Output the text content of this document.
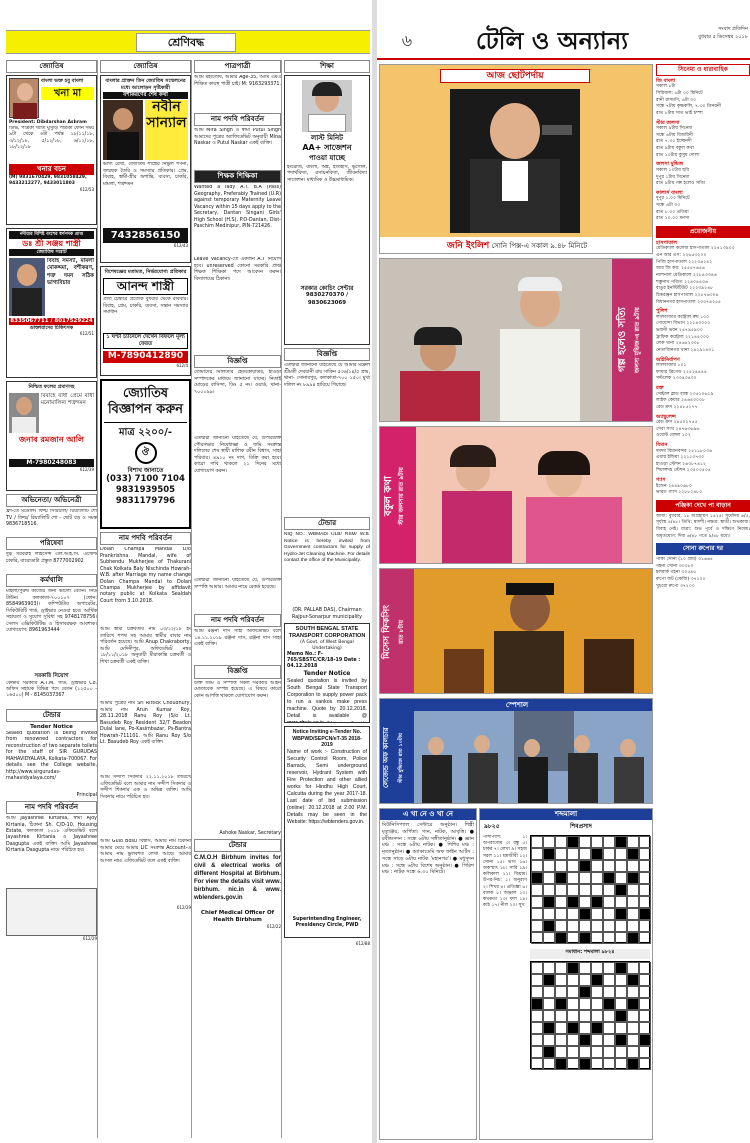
শ্রেণিবদ্ধ
জ্যোতিষ
বাংলা ভক্ত হবু বাংলা
খনা মা
President: Dibdarshan Ashram
টিভি, পত্রিকা খ্যাত ঘুসুড়ি পত্রিকা ফোন সময় ৯টা থেকে ৬টা পর্যন্ত ১৮/১১/১৮, ৩/১২/১৮, ৫/১২/১৮, ৬/১২/১৮, ১৮/১২/১৮
খনার বচন
(M) 9831670429, 9831058429, 9433212277, 9433011803
612/53
নদীয়ার বিশিষ্ট বংশের স্বর্ণপদক প্রাপ্ত
ডঃ শ্রী সঞ্জয় শাস্ত্রী
জ্যোতিষ সম্রাট
বিবাহ সমস্যা, মামলা মোকদ্দমা, বশীকরণ, শত্রু দমন সঠিক ভাগ্যবিচার
8335067711 / 8017529224
ডাক্তারাদের চিকিৎসক
612/51
নিশ্চিত ফলের প্রমাণসহ
বিবাহে বাধা প্রেমে বাধা মনোমালিন্য শত্রুদমন
জনাব রমজান আলি
M-7980248083
612/39
অভিনেতা/ অভিনেত্রী
ফ্রী-তে মডেলিং ফিল্ম সিরিয়াল/ রিয়্যালিটি শো TV / ফিল্ম/ রিয়্যালিটি শো - ছোট বড় ও সমস্ত 9836718516.
পরিষেবা
দুগ্ধ সরবরাহ লাইসেন্স এল.আই.সি. এজেন্ট চাকরি, বায়োডাটা প্রস্তুত 8777002902
কর্মখালি
মহিলা/পুরুষ কাজের জন্য ভালো বেতন। নিউ টাউন। কলকাতা-৭০০১০৭ (ফোন: 8584963903)। কম্পিউটার অপারেটর, সিকিউরিটি গার্ড, ড্রাইভার নেওয়া হবে। আর্থিক সহায়তা ও সুযোগ সুবিধা সহ 9748178756। সেলস এক্সিকিউটিভ ও হিসাবরক্ষক আবশ্যক। যোগাযোগ: 8961963444
সরকারি নিয়োগ
কেন্দ্রীয় সরকারি A.T.M. গার্ড, ড্রাইভার Co. অফিস সহায়ক বিভিন্ন পদে বেতন (১২৫০০ - ১৬৫০০) M - 8145037367
টেন্ডার
Tender Notice
Sealed quotation is being invited from renowned contractors for reconstruction of two separate toilets for the staff of SIR GURUDAS MAHAVIDYALAYA, Kolkata-700067. For details see the College website, http://www.sirgurudas-mahavidyalaya.com/
Principal
নাম পদবি পরিবর্তন
আমি Jayashree Kirtania, স্বামী Ajoy Kirtania, ঠিকানা Sh. C/D-10, Housing Estate, কলকাতা ২০১৮ এফিডেভিট বলে Jayashree Kirtania ও Jayashree Dasgupta একই ব্যক্তি। আমি Jayashree Kirtania Dasgupta নামে পরিচিত হব।
612/29
জ্যোতিষ
বাংলার প্রাক্তন তিন জ্যোতিষ সম্মেলনের মধ্যে আলোড়ন সৃষ্টিকারী
বশীকরণের শেষ কথা
নবীন সান্যাল
ভাগ্য রেখা, জ্যোতিষ শাস্ত্রের নির্ভুল গণনা, জন্মছক তৈরি ও সমস্যার প্রতিকার। প্রেম, বিবাহ, স্বামী-স্ত্রীর অশান্তি, ব্যবসা, চাকরি, মামলা, শত্রুদমন
7432856150
612/43
বিশেষজ্ঞের মতামত, নির্ভরযোগ্য প্রতিকার
আনন্দ শাস্ত্রী
প্রতি চেম্বারে প্রত্যেক বুধবার থেকে রবিবার। বিবাহ, প্রেম, চাকরি, ব্যবসা, সন্তান সমস্যার সমাধান
১ ঘণ্টা চ্যানেলে দেখেন বিফলে মূল্য ফেরত
M-7890412890
612/4
জ্যোতিষ বিজ্ঞাপন করুন
মাত্র ২২০০/-
ঔ
বিশাখ জানাতে
(033) 7100 7104
9831939505
9831179796
নাম পদবি পরিবর্তন
Dolan Champa Mandal D/o Prankrishna Mandal, wife of Subhendu Mukherjee of Thakurani Chak Kolkata Baly Nischinda Howrah-W.B. after Marriage my name change Dolan Champa Mandal to Dolan Champa Mukherjee by affidavit notary public at Kolkata Sealdah Court from 3.10.2018.
আমি স্বামী চক্রবর্তীর নাম ০৩/১২/১৮ ইং তারিখে শপথ সহ আমার স্বামীর বাবার নাম পরিবর্তন হয়েছে। আমি Anup Chakraborty, আমি মেদিনীপুর, অফিডেভিট নম্বর ১৮/১১/২০১৮ অনুযায়ী মীরাকান্তি চক্রবর্তী ও শিখা চক্রবর্তী একই ব্যক্তি।
আমার পুত্রের নাম Sri Rittick Choudhury, আমার নাম Arun Kumar Roy, 28.11.2018 Ranu Roy (S/o Lt. Basudeb Roy Resident 32/7 Beadon Dulal lane, Po-Kasimbazar, Ps-Bantra Howrah-711101. আমি Ranu Roy S/o Lt. Basudeb Roy একই ব্যক্তি।
আমি সন্দীপ সিকদার ২২.১১.২০১৮ তারিখে এফিডেভিট বলে আমার নাম সন্দীপ সিকদার ও সন্দীপ শিকদার এক ও অভিন্ন ব্যক্তি। আমি সিকদার নামে পরিচিত হব।
আমি Gulo Bosu বিশ্বাস, আমার নাম ঠিকানা আমার মেয়ে আমার LIC সংক্রান্ত Account-এ আমার নাম ভুলবশত লেখা আছে। আমার আসল নাম। এফিডেভিট বলে একই ব্যক্তি।
612/29
পাত্রপাত্রী
আমি মহীতোষ, আমার Age-35, আমি এমএ শিক্ষিত কায়স্থ পাত্রী চাই। M: 9163293371.
নাম পদবি পরিবর্তন
আমি Mira Singh ও স্বামী Putul Singh আমাদের পুত্রের অ্যাফিডেভিট অনুযায়ী Mina Naskar ও Putul Naskar একই ব্যক্তি।
শিক্ষক শিক্ষিকা
Wanted a lady A.T. B.A (Pass) Geography, Preferably Trained (U.R) against temporary Maternity Leave Vacancy within 15 days apply to the Secretary, Dantan Singani Girls' High School (H.S), P.O-Dantan, Dist-Paschim Medinipur, PIN-721426.
Leave Vacancy-তে একজন A.T নিয়োগ হবে। unreserved কোনো সরকারি প্রাপ্ত শিক্ষক শিক্ষিকা পদে আবেদন করুন। বিদ্যালয়ের ঠিকানা।
বিজ্ঞপ্তি
তোমাদের মিলিটারি হেডকোয়ার্টার, হাওড়া সম্পাদকের মাধ্যমে জানানো যাচ্ছে। নিতাই মোড়ের বাসিন্দা, ডিঃ ৫ নং। ওয়ার্ড, থানা- ৭০০০৯৯।
এতদ্বারা জানানো যাইতেছে যে, উপরিউক্ত পৌরসভার নিষেধাজ্ঞা ও জমি সংক্রান্ত দলিলের শেষ স্থায়ী মালিক রবীন বিশ্বাস, সাহা পরিবার। ৪৯১০ নং দাগ, বিক্রি করা হবে। কারো দাবি থাকলে ২১ দিনের মধ্যে যোগাযোগ করুন।
এতদ্বারা জানানো যাইতেছে যে, উপরিউক্ত সম্পত্তি আমার। আমার নামে রেকর্ড হয়েছে।
নাম পদবি পরিবর্তন
আমি রঞ্জনা দাস সাহা অফিডেভিট বলে ১৪.১১.২০১৮ রঞ্জনা দাস, রঞ্জনা দাস সাহা একই ব্যক্তি।
বিজ্ঞপ্তি
উক্ত জমি ও সম্পত্তি সকল সরকারি আইন মোতাবেক সম্পন্ন হয়েছে। এ বিষয়ে কারো কোন আপত্তি থাকলে যোগাযোগ করুন।
Ashoke Naskar, Secretary
টেন্ডার
C.M.O.H Birbhum invites for civil & electrical works of different Hospital at Birbhum. For view the details visit www. birbhum. nic.in & www. wblenders.gov.in
Chief Medical Officer Of Health Birbhum
612/22
শিক্ষা
লাস্ট মিনিট
AA+ সাজেশন
পাওয়া যাচ্ছে
ইংরেজি, বাংলা, অঙ্ক, ইতিহাস, ভূগোল, পদার্থবিদ্যা, রসায়নবিদ্যা, জীবনবিদ্যা সাজেশন। মাধ্যমিক ও উচ্চমাধ্যমিক।
সরকার কোচিং সেন্টার
9830270370 / 9830623069
বিজ্ঞপ্তি
এতদ্বারা জানানো যাইতেছে যে আমার মক্কেল শ্রীমতী দেবযানী রায় সাকিন ৫৩৬/১৪/৫ গ্রাম, থানা- সোনারপুর, কলকাতা-৭০০ ১৫০। মুখ্য দলিল নং ৮৯৯৪ হারিয়ে গিয়াছে।
টেন্ডার
NIQ NO.: WBMAD/ ULB/ RSM/ W.B. Notice is hereby invited from Government contractors for supply of Hydro-Jet Cleaning Machine. For details contact the office of the Municipality.
(DR. PALLAB DAS), Chairman Rajpur-Sonarpur municipality
SOUTH BENGAL STATE TRANSPORT CORPORATION
(A Govt. of West Bengal Undertaking)
Memo No.: F-765/SBSTC/CR/18-19 Date : 04.12.2018
Tender Notice
Sealed quotation is invited by South Bengal State Transport Corporation to supply power pack to run a vankos make press machine. Quote by 20.12.2018. Detail is available @
Notice Inviting e-Tender No. WBPWD/SEPCN/eT-35 2018-2019
Name of work :- Construction of Security Control Room, Police Barrack, Semi underground reservoir, Hydrant System with Fire Protection and other allied works for Hindhu High Court, Calcutta during the year 2017-18. Last date of bid submission (online): 20.12.2018 at 2.00 P.M. Details may be seen in the Website: https://wbtenders.gov.in.
Superintending Engineer, Presidency Circle, PWD
612/88
৬	টেলি ও অন্যান্য	সংবাদ প্রতিদিন
বুধবার ৫ ডিসেম্বর ২০১৮
আজ ছোটপর্দায়
জনি ইংলিশ সোনি পিক্স-এ সকাল ৯.৪৮ মিনিটে
গল্প হলেও সত্যি	জলসা মুভিজ-এ রাত ৯টায়
বকুল কথা স্টার জলসায় রাত ৯টায়
মিসেস ফিকসিং	রাত ৮টায়
স্পেশাল
লেজেন্ড অফ কালচার	স্টার মুভিজে রাত ১০টায়
এ খা নে ও খা নে
মিউনিসিপ্যাল সেন্টারে অনুষ্ঠান। শিল্পী মৃত্যুঞ্জয়, অর্পিতা। গান, নাটক, আবৃত্তি। ● রবীন্দ্রসদন : সন্ধে ৬টায় সঙ্গীতানুষ্ঠান। ● জ্ঞান মঞ্চ : সন্ধে ৬টায় নাটক। ● শিশির মঞ্চ : নৃত্যানুষ্ঠান। ● অ্যাকাডেমি অফ ফাইন আর্টস : সন্ধে সাড়ে ৬টায় নাটক 'মহানগর'। ● মধুসূদন মঞ্চ : সন্ধে ৬টায় বিশেষ অনুষ্ঠান। ● গিরিশ মঞ্চ : নাটক সন্ধে ৬.৩০ মিনিটে।
শব্দমালা
৯৮২৫	শিবপ্রসাদ
পাশাপাশি: ১। অপরাজেয় ৩। বন্ধু ৫। চাকর ৭। লেখা ৯। সহজ সরল ১১। শ্রমজীবী ১২। সোনা ১৫। ভাগ ১৬। অকস্মাৎ ১৮। সারি ১৯। কলিকাল ২১। বিশ্রাম। উপর-নিচ: ১। অনুরাগ ২। শিখর ৪। প্রতিজ্ঞা ৬। বালক ৮। জঞ্জাল ১০। কথকতা ১৩। ফল ১৪। কাঠ ১৭। নীল ২০। সুখ
সমাধান: শব্দমালা ৯৮২৪
সিনেমা ও ধারাবাহিক
জি বাংলা
সকাল ৮টা
সিরিয়াল: ৬টা ০০ মিনিটে
রানী রাসমণি, ৬টা ৩০
সন্ধে ৭টায় কৃষ্ণকলি, ৭.৩০ ত্রিনয়নী
রাত ৮টায় সাত ভাই চম্পা
স্টার জলসা
সকাল ৯টায় সিনেমা
সন্ধে ৬টায় বিজয়িনী
রাত ৭.৩০ ইচ্ছেনদী
রাত ৯টায় বকুল কথা
রাত ১০টায় কুসুম দোলা
জলসা মুভিজ
সকাল ১০টায় ছবি
দুপুর ১টায় সিনেমা
রাত ৯টায় গল্প হলেও সত্যি
কালার্স বাংলা
দুপুর ১.০০ মিনিটে
সন্ধে ৬টা ৩০
রাত ৮.৩০ প্রতিমা
রাত ১০.০০ মনসা
প্রয়োজনীয়
হাসপাতাল
মেডিক্যাল কলেজ হাসপাতাল ২২৪১৩৯০০
এন আর এস: ২২৬৫৩২০০
পিজি হাসপাতাল ২২২৩৬২৪২
আর জি কর: ২৫৫৫৭৬৫৬
ন্যাশনাল মেডিক্যাল ২২৮৪৩৩৪৬
শম্ভুনাথ পণ্ডিত ২২৪০৪৪৩৬
বাঙুর ইনস্টিটিউট ২২২৩৯২৪৮
চিত্তরঞ্জন হাসপাতাল ২২৮৭৬৩০৬
বিধাননগর হাসপাতাল ২৩৩৭৪২৫৫
পুলিশ
লালবাজার কন্ট্রোল রুম ১০০
গোয়েন্দা বিভাগ ২২১৪৩০০০
ভবানী ভবন ২৪৭৯৫৯০০
ট্রাফিক কন্ট্রোল ২২১৪৫০০০
লেক থানা ২৪৬৪২৩০৮
নেতাজিনগর থানা ২৪২৯১৪৩১
অগ্নিনির্বাপণ
লালবাজার ১০১
ফায়ার ব্রিগেড ২২৫২৪৪৪৪
সল্টলেক ২৩৩৪৩৪০০
রক্ত
সেন্ট্রাল ব্লাড ব্যাঙ্ক ২৩৫১০৬১৯
লাইফ কেয়ার ২৪৬৪৩০০৮
রেড ক্রস ২২৪৮৫২৭৭
অ্যাম্বুলেন্স
রেড ক্রস ২৪৫০২৭৫৫
সেবা সংঘ ২৪৭৬৩৬৯৬
ওয়েস্ট বেঙ্গল ১০২
বিমান
দমদম বিমানবন্দর ২৫১১৮০৩৬
এয়ার ইন্ডিয়া ২২১১০৭৩০
হাওড়া স্টেশন ২৬৩৮৭৪১২
শিয়ালদহ স্টেশন ২৩৫০৩৫৩৫
গ্যাস
ইন্ডেন ২৪৪৯০৬৮০
ভারত গ্যাস ২২৮৮২৪৮০
পঞ্জিকা দেখে পা বাড়ান
আজ: বুধবার, ১৮ অগ্রহায়ণ ১৪২৫। সূর্যোদয় ৬/৫, সূর্যাস্ত ৪/৪৮। তিথি: দ্বাদশী। নক্ষত্র: স্বাতী। শুভকাজ: বিবাহ নেই। যাত্রা: শুভ পূর্বে ও দক্ষিণে নিষেধ। অমৃতযোগ: দিবা ৬/৪৮ গতে ৯/৪৮ মধ্যে।
সোনা রুপোর দর
পাকা সোনা (১০ গ্রাম) ৩১৬৬৫
গহনা সোনা ৩০০৮০
হলমার্ক গহনা ৩০৫৪৫
রুপো বাট (কেজি) ৩৭১০০
খুচরো রুপো ৩৭২০০
